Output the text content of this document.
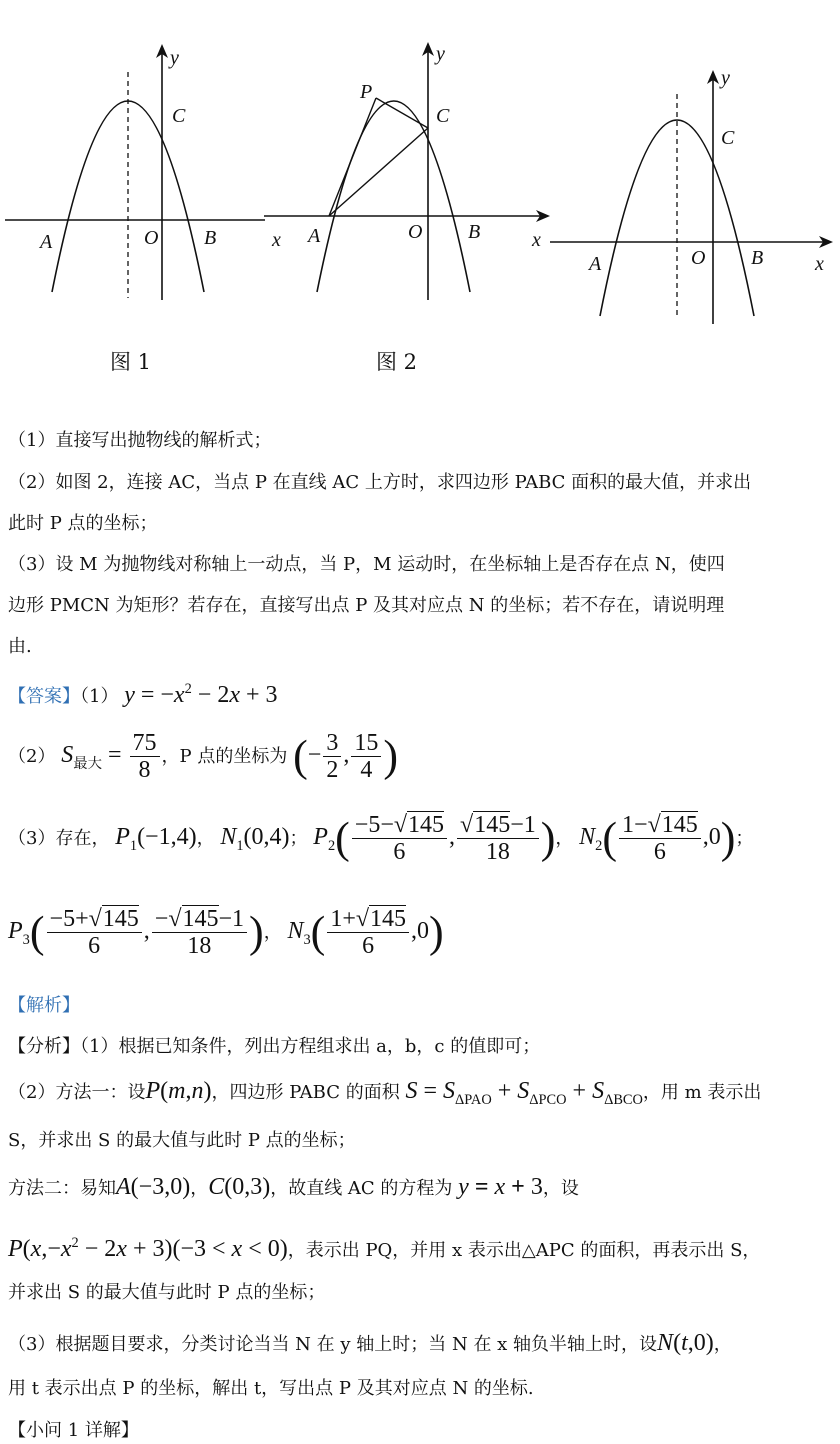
y
C
A	O B
y
P
C
x A	O B	x
y
C
A	O B	x
图 1	图 2
（1）直接写出抛物线的解析式；
（2）如图 2，连接 AC，当点 P 在直线 AC 上方时，求四边形 PABC 面积的最大值，并求出
此时 P 点的坐标；
（3）设 M 为抛物线对称轴上一动点，当 P，M 运动时，在坐标轴上是否存在点 N，使四
边形 PMCN 为矩形？若存在，直接写出点 P 及其对应点 N 的坐标；若不存在，请说明理
由.
【答案】（1） $y = -x^2 - 2x + 3$
（2） $S_{最大} = \frac{75}{8}$ ，P 点的坐标为 (− $\frac{3}{2}$ , $\frac{15}{4}$ )
（3）存在， $P_1(-1,4)$， $N_1(0,4)$； $P_2( \frac{-5-√145}{6}$ , $\frac{√145-1}{18}$ )， $N_2( \frac{1-√145}{6} ,0)$；
$P_3( \frac{-5+√145}{6}$ , $\frac{-√145-1}{18}$ )， $N_3( \frac{1+√145}{6} ,0)$
【解析】
【分析】（1）根据已知条件，列出方程组求出 a，b，c 的值即可；
（2）方法一：设P(m,n)，四边形 PABC 的面积 $S = S_{\Delta PAO} + S_{\Delta PCO} + S_{\Delta BCO}$，用 m 表示出
S，并求出 S 的最大值与此时 P 点的坐标；
方法二：易知A(−3,0)，C(0,3)，故直线 AC 的方程为 y = x + 3，设
$P(x,-x^2 - 2x + 3)(-3 < x < 0)$，表示出 PQ，并用 x 表示出△APC 的面积，再表示出 S，
并求出 S 的最大值与此时 P 点的坐标；
（3）根据题目要求，分类讨论当当 N 在 y 轴上时；当 N 在 x 轴负半轴上时，设N(t,0)，
用 t 表示出点 P 的坐标，解出 t，写出点 P 及其对应点 N 的坐标.
【小问 1 详解】
